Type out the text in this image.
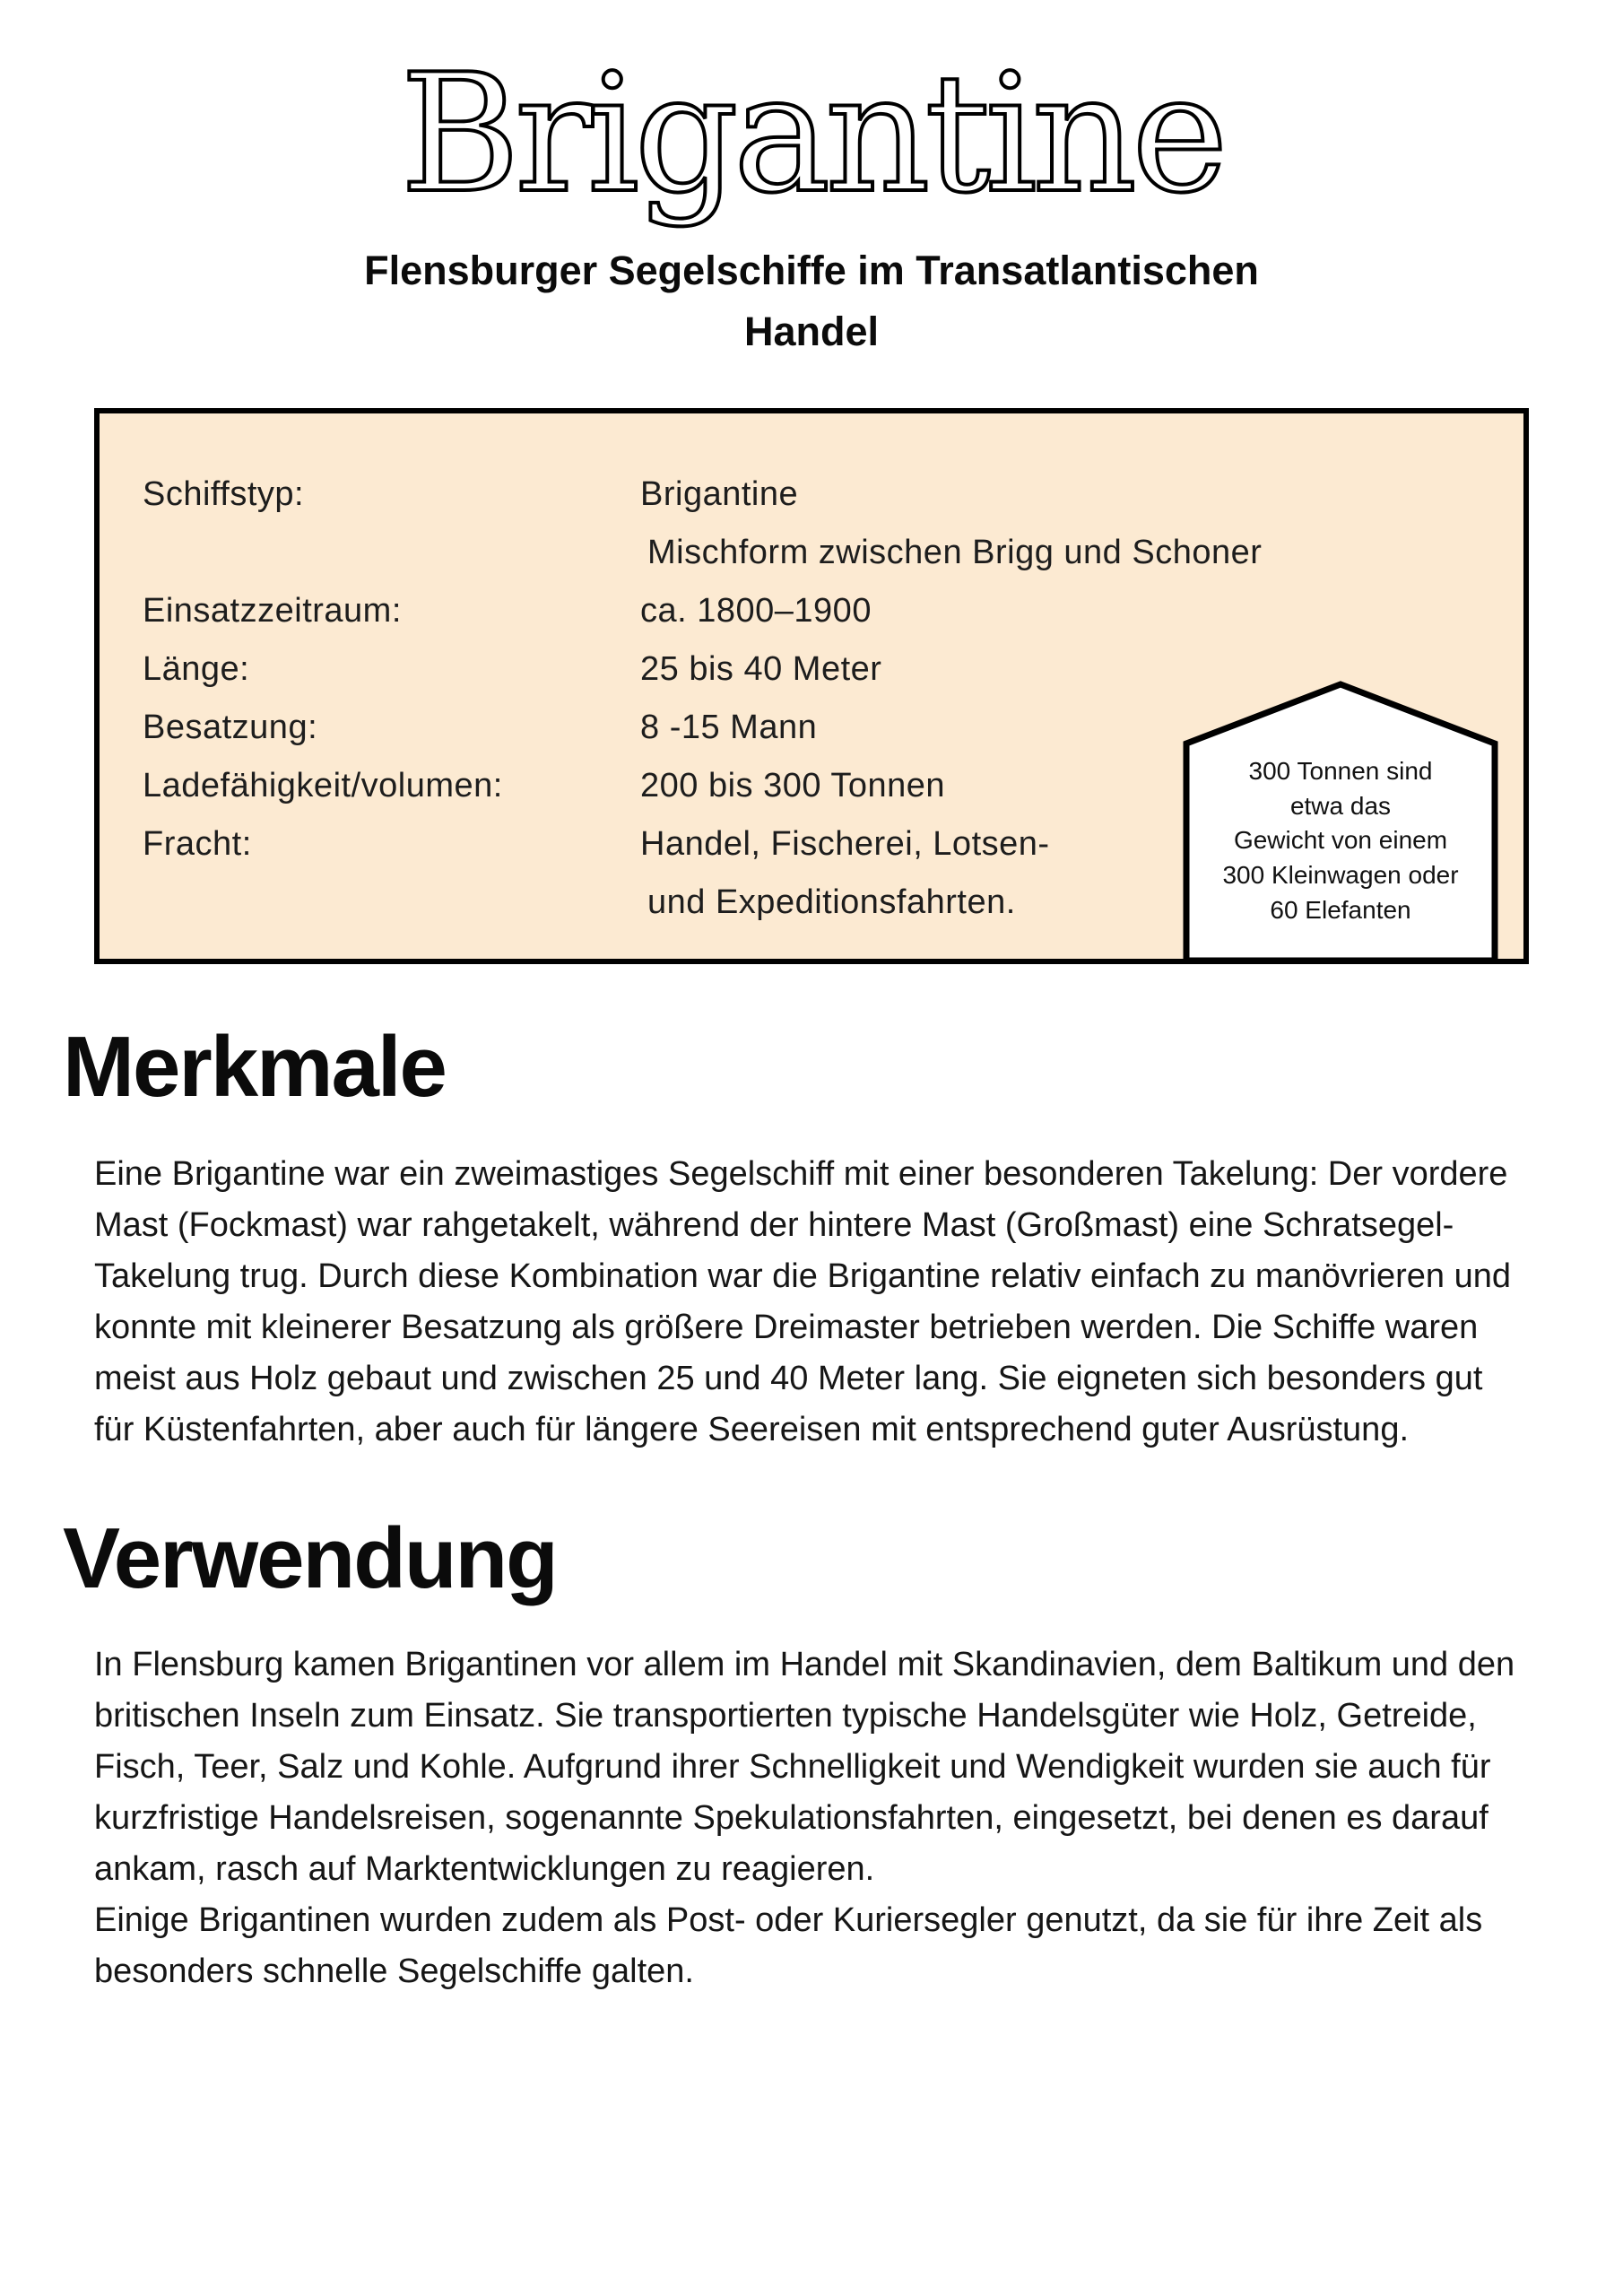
Brigantine
Flensburger Segelschiffe im Transatlantischen Handel
Schiffstyp:	Brigantine
Mischform zwischen Brigg und Schoner
Einsatzzeitraum:	ca. 1800–1900
Länge:	25 bis 40 Meter
Besatzung:	8 -15 Mann
Ladefähigkeit/volumen:	200 bis 300 Tonnen
Fracht:	Handel, Fischerei, Lotsen-
und Expeditionsfahrten.
300 Tonnen sind
etwa das
Gewicht von einem
300 Kleinwagen oder
60 Elefanten
Merkmale

Eine Brigantine war ein zweimastiges Segelschiff mit einer besonderen Takelung: Der vordere Mast (Fockmast) war rahgetakelt, während der hintere Mast (Großmast) eine Schratsegel-Takelung trug. Durch diese Kombination war die Brigantine relativ einfach zu manövrieren und konnte mit kleinerer Besatzung als größere Dreimaster betrieben werden. Die Schiffe waren meist aus Holz gebaut und zwischen 25 und 40 Meter lang. Sie eigneten sich besonders gut für Küstenfahrten, aber auch für längere Seereisen mit entsprechend guter Ausrüstung.

Verwendung

In Flensburg kamen Brigantinen vor allem im Handel mit Skandinavien, dem Baltikum und den britischen Inseln zum Einsatz. Sie transportierten typische Handelsgüter wie Holz, Getreide, Fisch, Teer, Salz und Kohle. Aufgrund ihrer Schnelligkeit und Wendigkeit wurden sie auch für kurzfristige Handelsreisen, sogenannte Spekulationsfahrten, eingesetzt, bei denen es darauf ankam, rasch auf Marktentwicklungen zu reagieren.

Einige Brigantinen wurden zudem als Post- oder Kuriersegler genutzt, da sie für ihre Zeit als besonders schnelle Segelschiffe galten.
